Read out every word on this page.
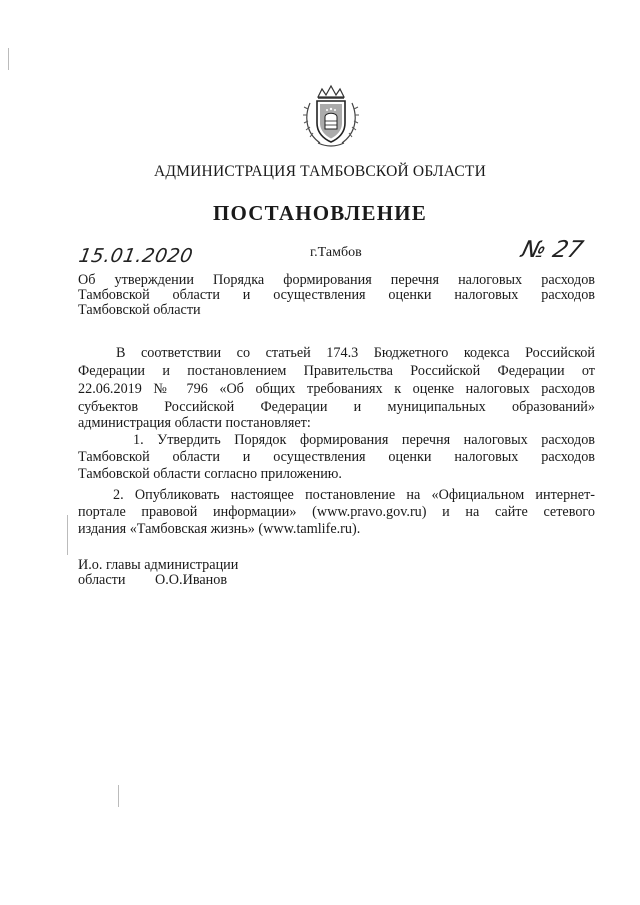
АДМИНИСТРАЦИЯ ТАМБОВСКОЙ ОБЛАСТИ
ПОСТАНОВЛЕНИЕ
15.01.2020	г.Тамбов	№ 27

Об утверждении Порядка формирования перечня налоговых расходов

Тамбовской области и осуществления оценки налоговых расходов

Тамбовской области

В соответствии со статьей 174.3 Бюджетного кодекса Российской

Федерации и постановлением Правительства Российской Федерации от

22.06.2019 № 796 «Об общих требованиях к оценке налоговых расходов

субъектов Российской Федерации и муниципальных образований»

администрация области постановляет:

1. Утвердить Порядок формирования перечня налоговых расходов

Тамбовской области и осуществления оценки налоговых расходов

Тамбовской области согласно приложению.

2. Опубликовать настоящее постановление на «Официальном интернет-

портале правовой информации» (www.pravo.gov.ru) и на сайте сетевого

издания «Тамбовская жизнь» (www.tamlife.ru).

И.о. главы администрации

области О.О.Иванов
